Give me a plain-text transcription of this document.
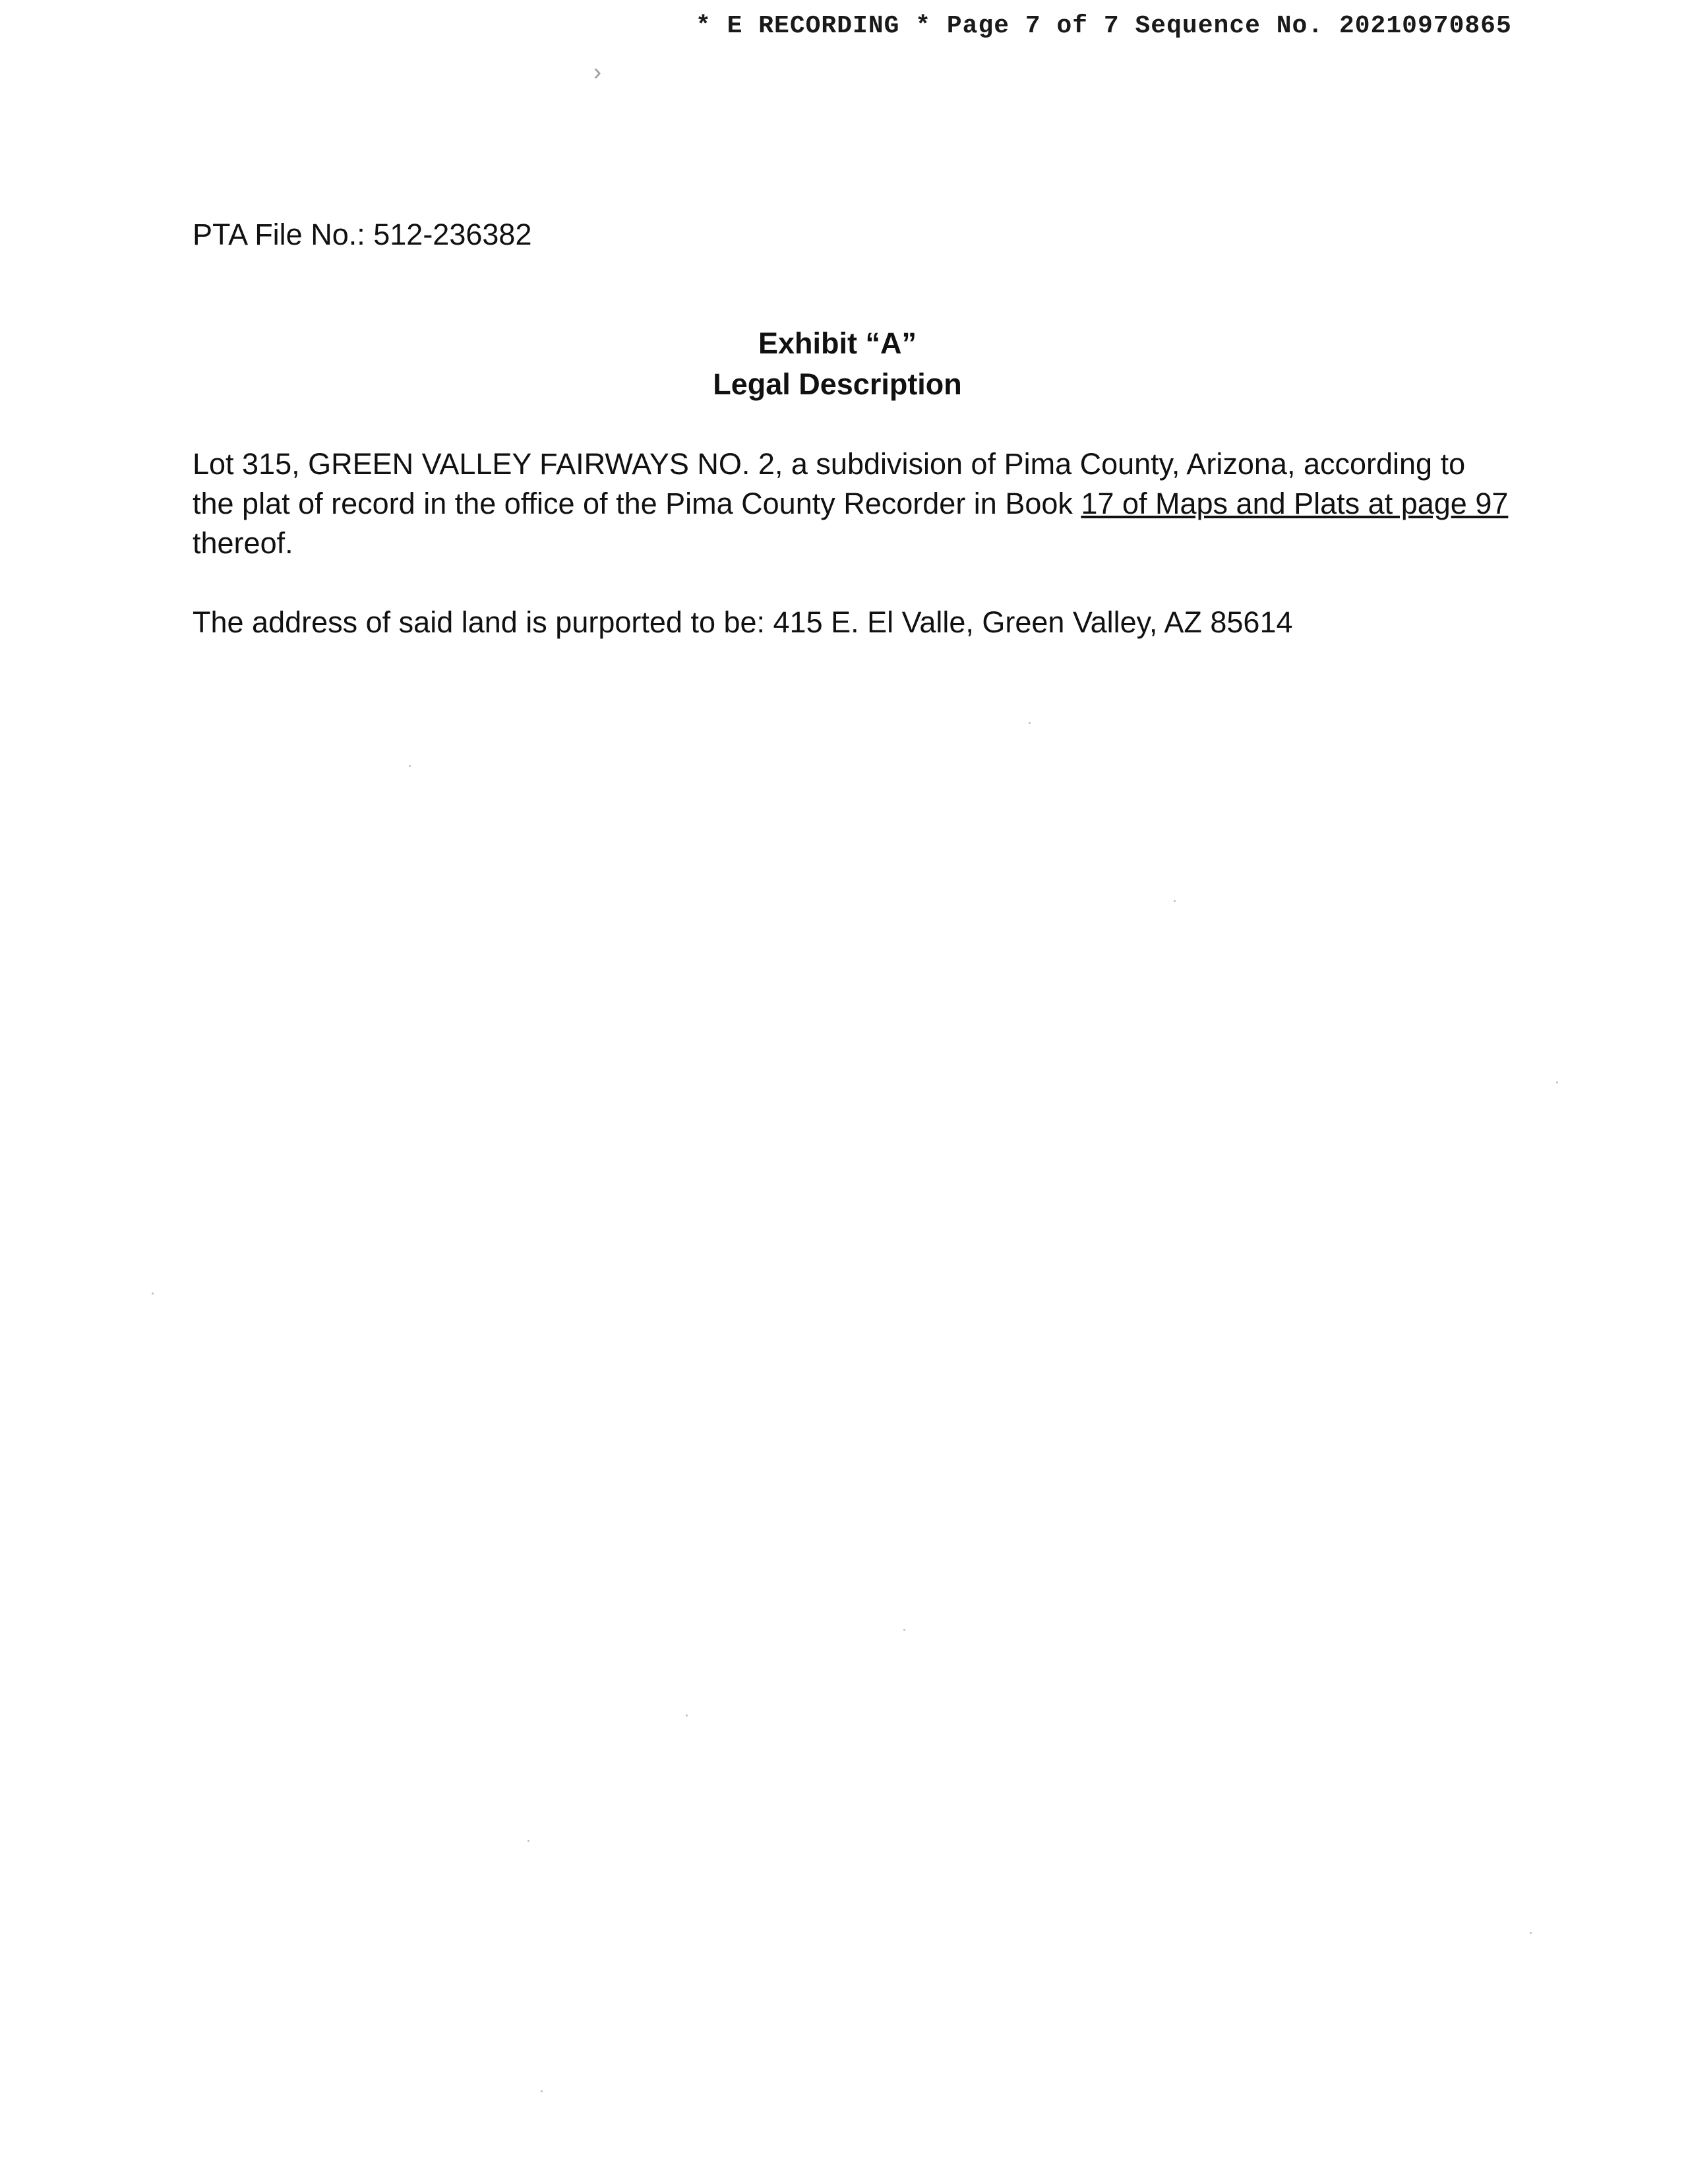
* E RECORDING * Page 7 of 7 Sequence No. 20210970865
›
PTA File No.: 512-236382
Exhibit “A”
Legal Description
Lot 315, GREEN VALLEY FAIRWAYS NO. 2, a subdivision of Pima County, Arizona, according to the plat of record in the office of the Pima County Recorder in Book 17 of Maps and Plats at page 97 thereof.
The address of said land is purported to be: 415 E. El Valle, Green Valley, AZ 85614
